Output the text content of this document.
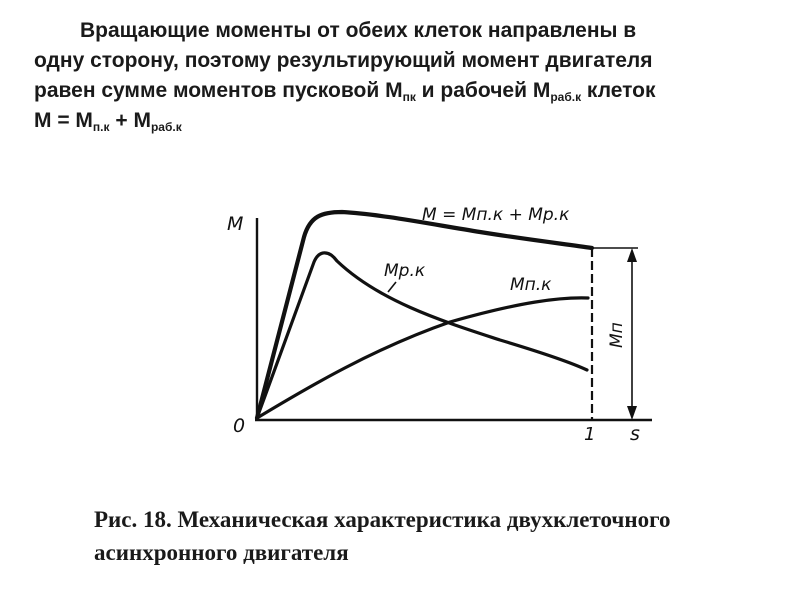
Вращающие моменты от обеих клеток направлены в
одну сторону, поэтому результирующий момент двигателя
равен сумме моментов пусковой $М_{пк}$ и рабочей $М_{раб.к}$ клеток
$М = М_{п.к} + М_{раб.к}$
М
0	1 s
М = Мп.к + Мр.к
Мр.к
Мп.к
Мп
Рис. 18. Механическая характеристика двухклеточного
асинхронного двигателя
